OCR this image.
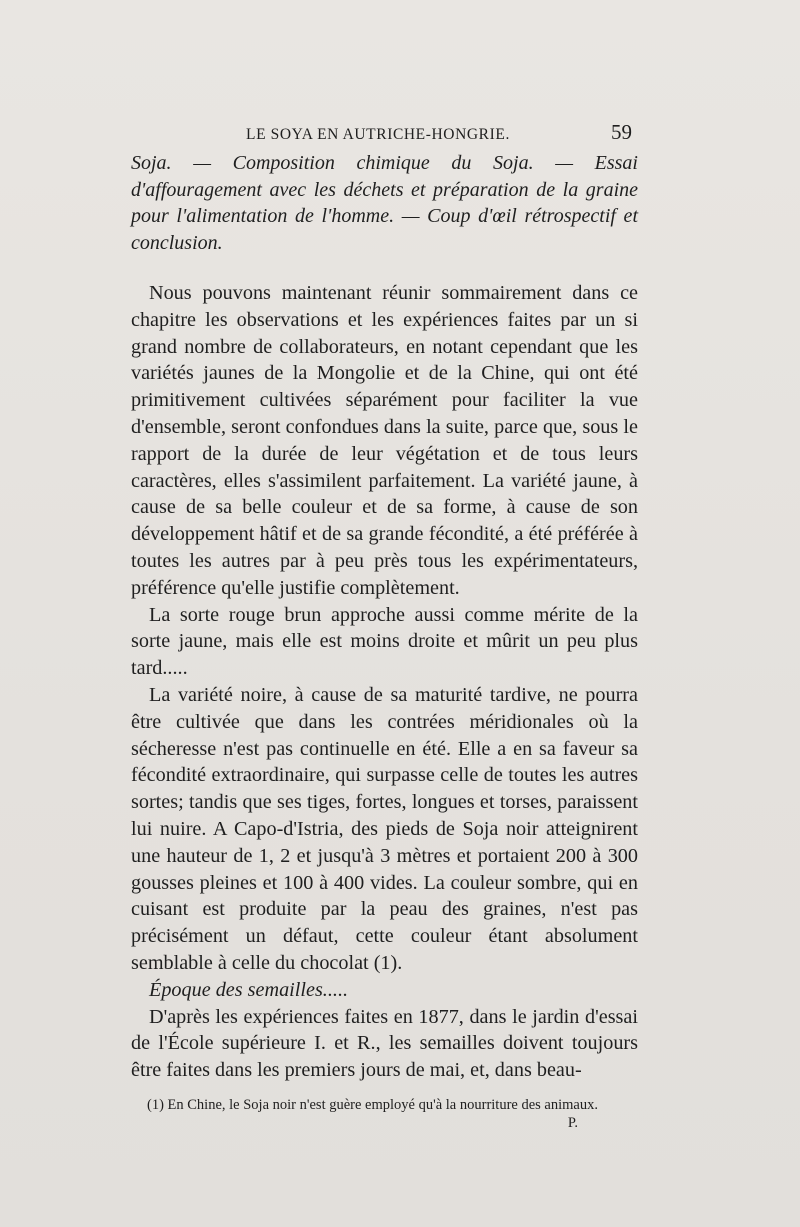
LE SOYA EN AUTRICHE-HONGRIE.	59

Soja. — Composition chimique du Soja. — Essai d'affouragement avec les déchets et préparation de la graine pour l'alimentation de l'homme. — Coup d'œil rétrospectif et conclusion.

Nous pouvons maintenant réunir sommairement dans ce chapitre les observations et les expériences faites par un si grand nombre de collaborateurs, en notant cependant que les variétés jaunes de la Mongolie et de la Chine, qui ont été primitivement cultivées séparément pour faciliter la vue d'ensemble, seront confondues dans la suite, parce que, sous le rapport de la durée de leur végétation et de tous leurs caractères, elles s'assimilent parfaitement. La variété jaune, à cause de sa belle couleur et de sa forme, à cause de son développement hâtif et de sa grande fécondité, a été préférée à toutes les autres par à peu près tous les expérimentateurs, préférence qu'elle justifie complètement.

La sorte rouge brun approche aussi comme mérite de la sorte jaune, mais elle est moins droite et mûrit un peu plus tard.....

La variété noire, à cause de sa maturité tardive, ne pourra être cultivée que dans les contrées méridionales où la sécheresse n'est pas continuelle en été. Elle a en sa faveur sa fécondité extraordinaire, qui surpasse celle de toutes les autres sortes; tandis que ses tiges, fortes, longues et torses, paraissent lui nuire. A Capo-d'Istria, des pieds de Soja noir atteignirent une hauteur de 1, 2 et jusqu'à 3 mètres et portaient 200 à 300 gousses pleines et 100 à 400 vides. La couleur sombre, qui en cuisant est produite par la peau des graines, n'est pas précisément un défaut, cette couleur étant absolument semblable à celle du chocolat (1).

Époque des semailles.....

D'après les expériences faites en 1877, dans le jardin d'essai de l'École supérieure I. et R., les semailles doivent toujours être faites dans les premiers jours de mai, et, dans beau-

(1) En Chine, le Soja noir n'est guère employé qu'à la nourriture des animaux.
P.
